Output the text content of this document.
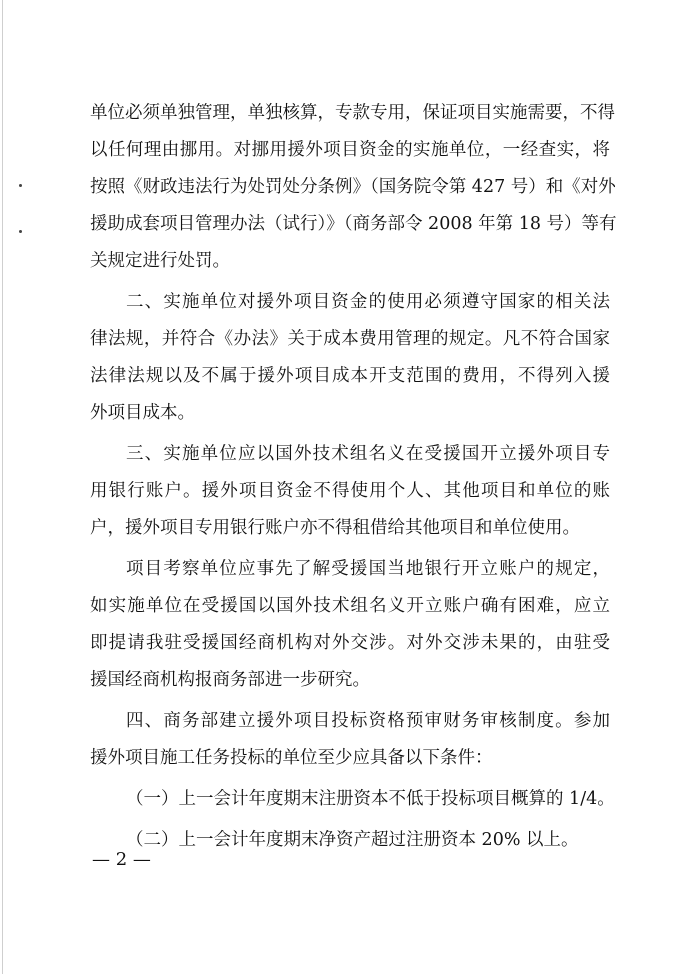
单位必须单独管理，单独核算，专款专用，保证项目实施需要，不得
以任何理由挪用。对挪用援外项目资金的实施单位，一经查实，将
按照《财政违法行为处罚处分条例》（国务院令第 427 号）和《对外
援助成套项目管理办法（试行）》（商务部令 2008 年第 18 号）等有
关规定进行处罚。
二、实施单位对援外项目资金的使用必须遵守国家的相关法
律法规，并符合《办法》关于成本费用管理的规定。凡不符合国家
法律法规以及不属于援外项目成本开支范围的费用，不得列入援
外项目成本。
三、实施单位应以国外技术组名义在受援国开立援外项目专
用银行账户。援外项目资金不得使用个人、其他项目和单位的账
户，援外项目专用银行账户亦不得租借给其他项目和单位使用。
项目考察单位应事先了解受援国当地银行开立账户的规定，
如实施单位在受援国以国外技术组名义开立账户确有困难，应立
即提请我驻受援国经商机构对外交涉。对外交涉未果的，由驻受
援国经商机构报商务部进一步研究。
四、商务部建立援外项目投标资格预审财务审核制度。参加
援外项目施工任务投标的单位至少应具备以下条件：
（一）上一会计年度期末注册资本不低于投标项目概算的 1/4。
（二）上一会计年度期末净资产超过注册资本 20% 以上。
— 2 —
